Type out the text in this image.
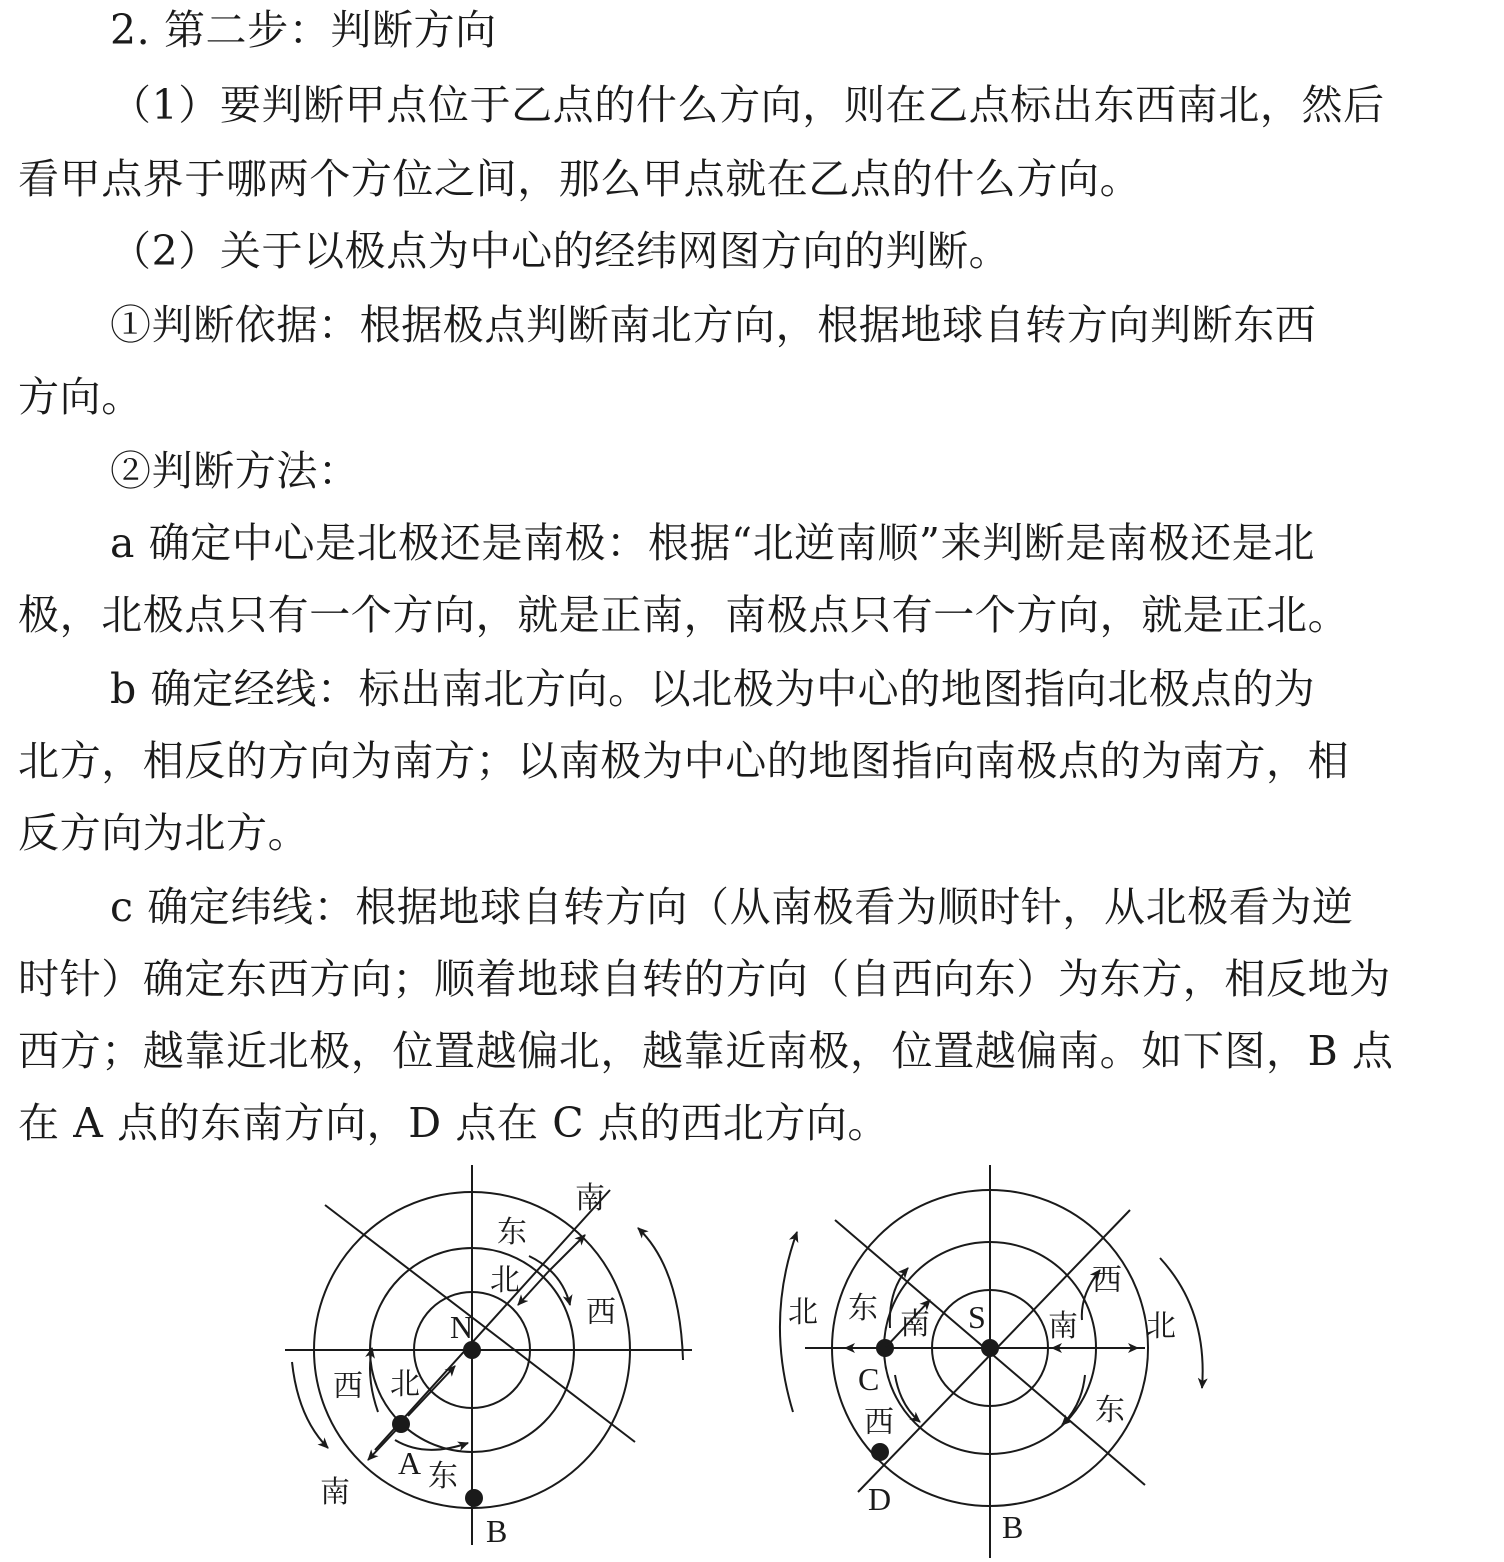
2. 第二步：判断方向
（1）要判断甲点位于乙点的什么方向，则在乙点标出东西南北，然后
看甲点界于哪两个方位之间，那么甲点就在乙点的什么方向。
（2）关于以极点为中心的经纬网图方向的判断。
①判断依据：根据极点判断南北方向，根据地球自转方向判断东西
方向。
②判断方法：
a 确定中心是北极还是南极：根据“北逆南顺”来判断是南极还是北
极，北极点只有一个方向，就是正南，南极点只有一个方向，就是正北。
b 确定经线：标出南北方向。以北极为中心的地图指向北极点的为
北方，相反的方向为南方；以南极为中心的地图指向南极点的为南方，相
反方向为北方。
c 确定纬线：根据地球自转方向（从南极看为顺时针，从北极看为逆
时针）确定东西方向；顺着地球自转的方向（自西向东）为东方，相反地为
西方；越靠近北极，位置越偏北，越靠近南极，位置越偏南。如下图，B 点
在 A 点的东南方向，D 点在 C 点的西北方向。
N
南
东
北
西
西 北
A 东
南
B
S
北 东 南
C
西
D
西
南 北
东
B
